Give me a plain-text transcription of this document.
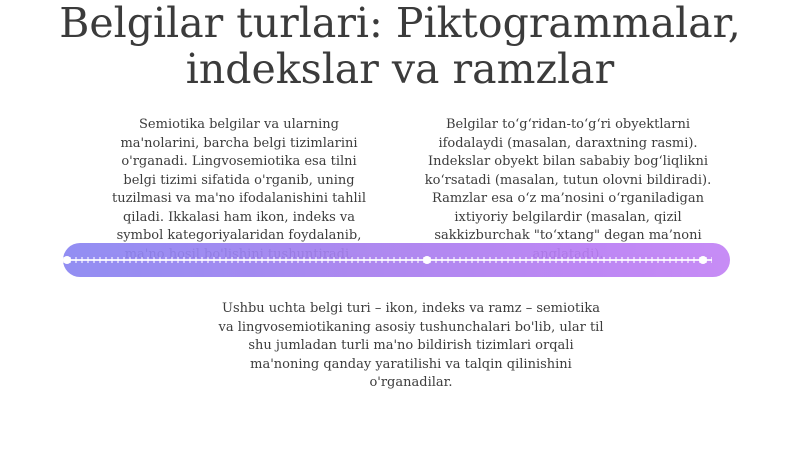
Belgilar turlari: Piktogrammalar,
indekslar va ramzlar
Semiotika belgilar va ularning ma'nolarini, barcha belgi tizimlarini o'rganadi. Lingvosemiotika esa tilni belgi tizimi sifatida o'rganib, uning tuzilmasi va ma'no ifodalanishini tahlil qiladi. Ikkalasi ham ikon, indeks va symbol kategoriyalaridan foydalanib,
Belgilar to‘g‘ridan-to‘g‘ri obyektlarni ifodalaydi (masalan, daraxtning rasmi). Indekslar obyekt bilan sababiy bog‘liqlikni ko‘rsatadi (masalan, tutun olovni bildiradi). Ramzlar esa o‘z ma’nosini o‘rganiladigan ixtiyoriy belgilardir (masalan, qizil sakkizburchak "to‘xtang" degan ma’noni
Ushbu uchta belgi turi – ikon, indeks va ramz – semiotika va lingvosemiotikaning asosiy tushunchalari bo'lib, ular til shu jumladan turli ma'no bildirish tizimlari orqali ma'noning qanday yaratilishi va talqin qilinishini o'rganadilar.
